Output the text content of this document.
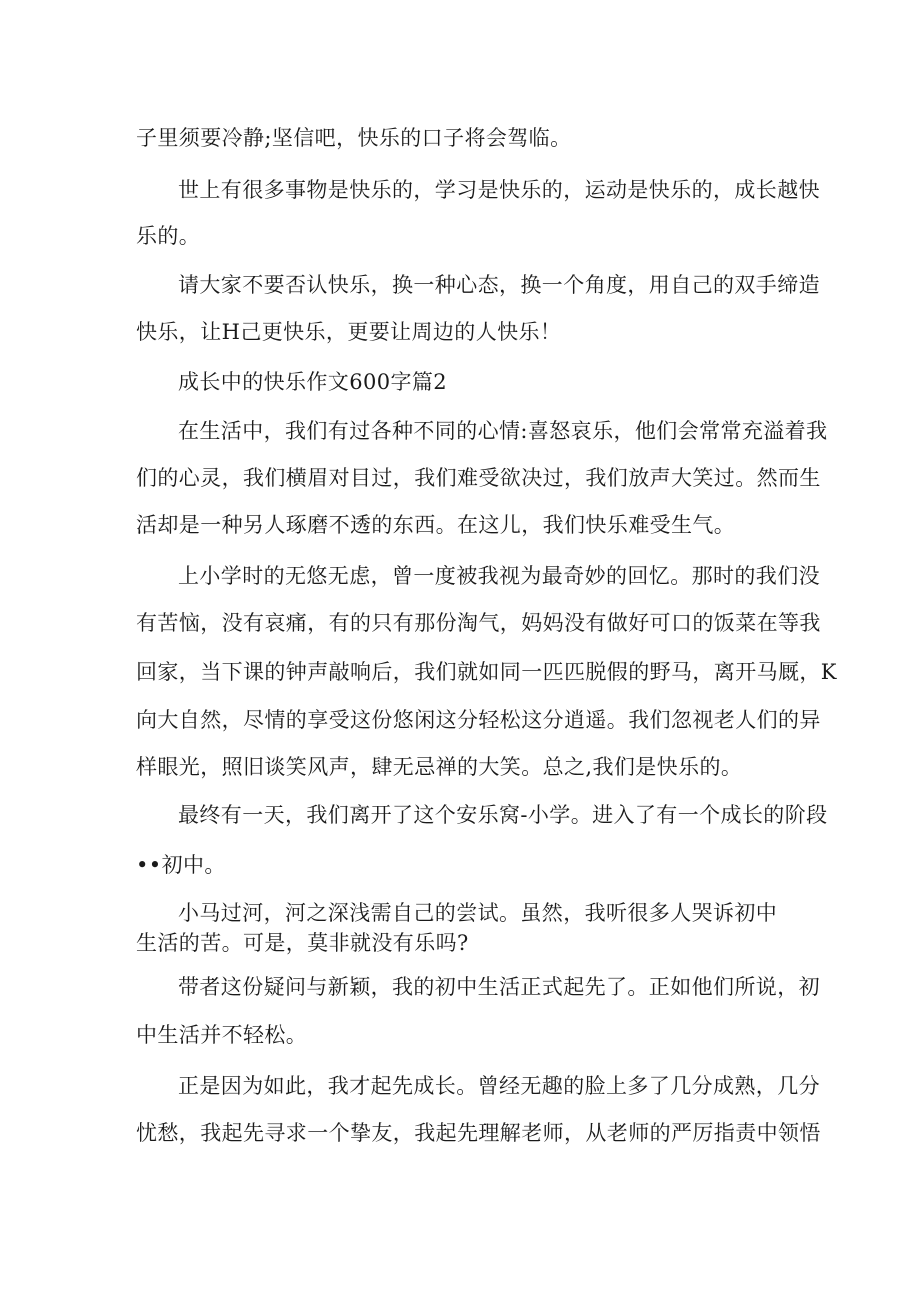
子里须要冷静;坚信吧，快乐的口子将会驾临。
世上有很多事物是快乐的，学习是快乐的，运动是快乐的，成长越快
乐的。
请大家不要否认快乐，换一种心态，换一个角度，用自己的双手缔造
快乐，让H己更快乐，更要让周边的人快乐！
成长中的快乐作文600字篇2
在生活中，我们有过各种不同的心情:喜怒哀乐，他们会常常充溢着我
们的心灵，我们横眉对目过，我们难受欲决过，我们放声大笑过。然而生
活却是一种另人琢磨不透的东西。在这儿，我们快乐难受生气。
上小学时的无悠无虑，曾一度被我视为最奇妙的回忆。那时的我们没
有苦恼，没有哀痛，有的只有那份淘气，妈妈没有做好可口的饭菜在等我
回家，当下课的钟声敲响后，我们就如同一匹匹脱假的野马，离开马厩，K
向大自然，尽情的享受这份悠闲这分轻松这分逍遥。我们忽视老人们的异
样眼光，照旧谈笑风声，肆无忌禅的大笑。总之,我们是快乐的。
最终有一天，我们离开了这个安乐窝-小学。进入了有一个成长的阶段
••初中。
小马过河，河之深浅需自己的尝试。虽然，我听很多人哭诉初中
生活的苦。可是，莫非就没有乐吗?
带者这份疑问与新颖，我的初中生活正式起先了。正如他们所说，初
中生活并不轻松。
正是因为如此，我才起先成长。曾经无趣的脸上多了几分成熟，几分
忧愁，我起先寻求一个挚友，我起先理解老师，从老师的严厉指责中领悟
